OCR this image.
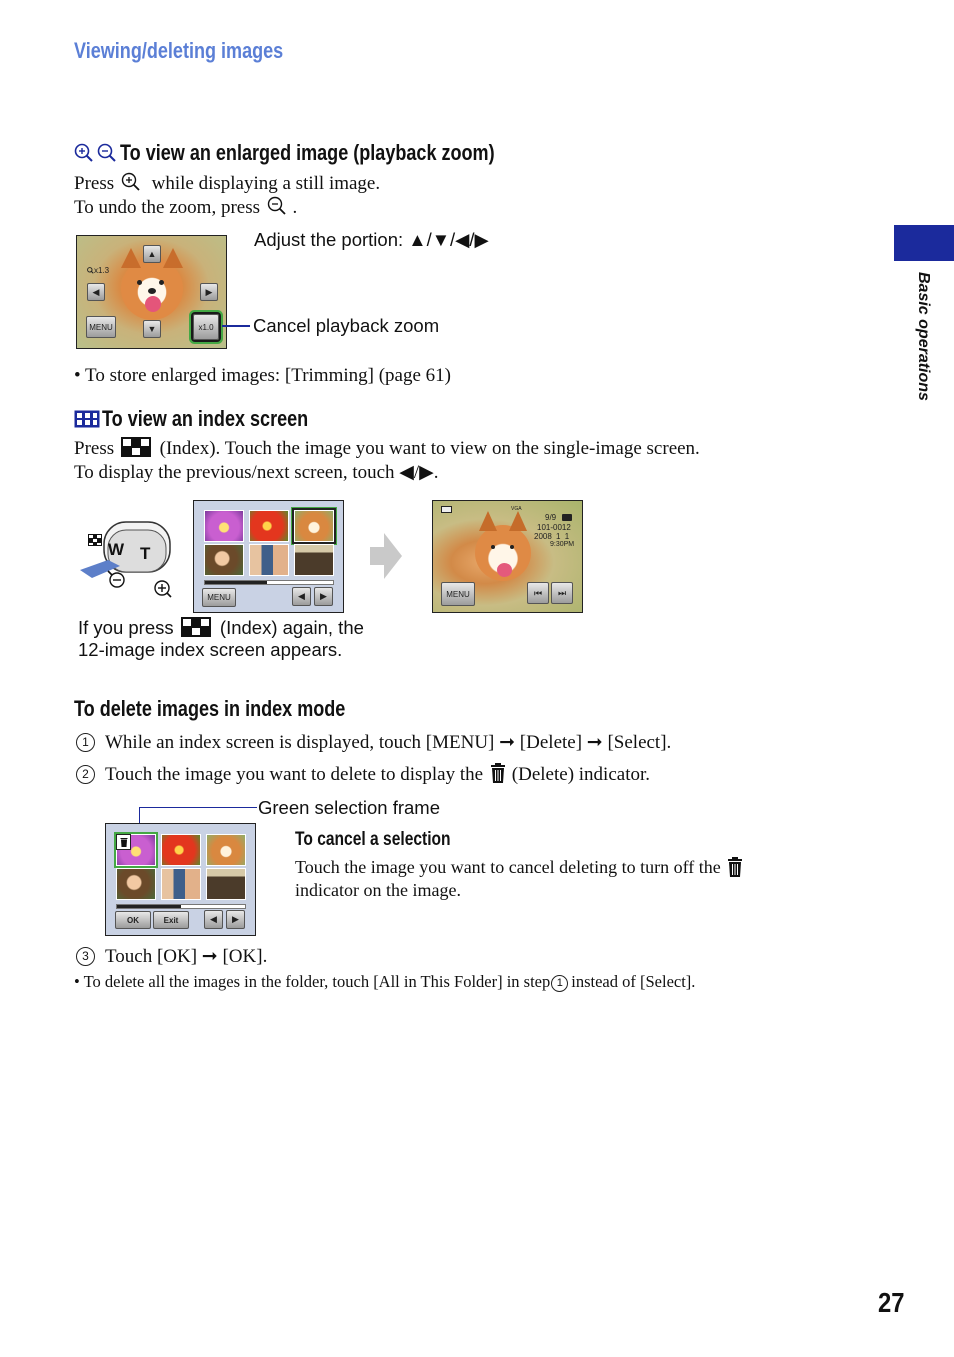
Viewing/deleting images
Basic operations
To view an enlarged image (playback zoom)
Press while displaying a still image.
To undo the zoom, press .
x1.3
▲
◀	▶
▼
MENU	x1.0
Adjust the portion: ▲/▼/◀/▶
Cancel playback zoom
• To store enlarged images: [Trimming] (page 61)
To view an index screen
Press (Index). Touch the image you want to view on the single-image screen.
To display the previous/next screen, touch ◀/▶.
W T
MENU	◀ ▶
VGA
9/9
101-0012
2008 1 1
9:30PM
MENU	⏮ ⏭
If you press	(Index) again, the
12-image index screen appears.
To delete images in index mode
1 While an index screen is displayed, touch [MENU] ➞ [Delete] ➞ [Select].
2 Touch the image you want to delete to display the (Delete) indicator.
Green selection frame
OK	Exit	◀ ▶
To cancel a selection
Touch the image you want to cancel deleting to turn off the
indicator on the image.
3 Touch [OK] ➞ [OK].
• To delete all the images in the folder, touch [All in This Folder] in step 1 instead of [Select].
27
